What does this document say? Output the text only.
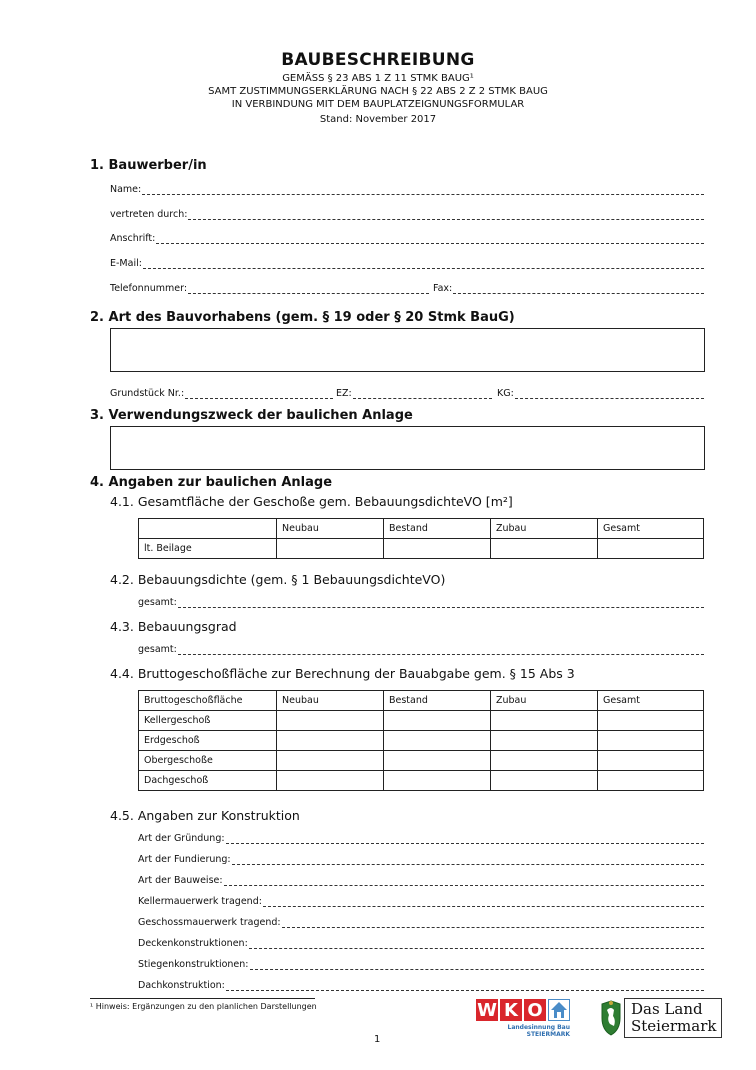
BAUBESCHREIBUNG
GEMÄSS § 23 ABS 1 Z 11 STMK BAUG¹
SAMT ZUSTIMMUNGSERKLÄRUNG NACH § 22 ABS 2 Z 2 STMK BAUG
IN VERBINDUNG MIT DEM BAUPLATZEIGNUNGSFORMULAR
Stand: November 2017
1. Bauwerber/in
Name:
vertreten durch:
Anschrift:
E-Mail:
Telefonnummer:	Fax:
2. Art des Bauvorhabens (gem. § 19 oder § 20 Stmk BauG)
Grundstück Nr.:	EZ:	KG:
3. Verwendungszweck der baulichen Anlage
4. Angaben zur baulichen Anlage
4.1. Gesamtfläche der Geschoße gem. BebauungsdichteVO [m²]
	Neubau	Bestand	Zubau	Gesamt
lt. Beilage				
4.2. Bebauungsdichte (gem. § 1 BebauungsdichteVO)
gesamt:
4.3. Bebauungsgrad
gesamt:
4.4. Bruttogeschoßfläche zur Berechnung der Bauabgabe gem. § 15 Abs 3
Bruttogeschoßfläche	Neubau	Bestand	Zubau	Gesamt
Kellergeschoß				
Erdgeschoß				
Obergeschoße				
Dachgeschoß				
4.5. Angaben zur Konstruktion
Art der Gründung:
Art der Fundierung:
Art der Bauweise:
Kellermauerwerk tragend:
Geschossmauerwerk tragend:
Deckenkonstruktionen:
Stiegenkonstruktionen:
Dachkonstruktion:
¹ Hinweis: Ergänzungen zu den planlichen Darstellungen
1
W K O
Landesinnung Bau
STEIERMARK
Das Land
Steiermark
